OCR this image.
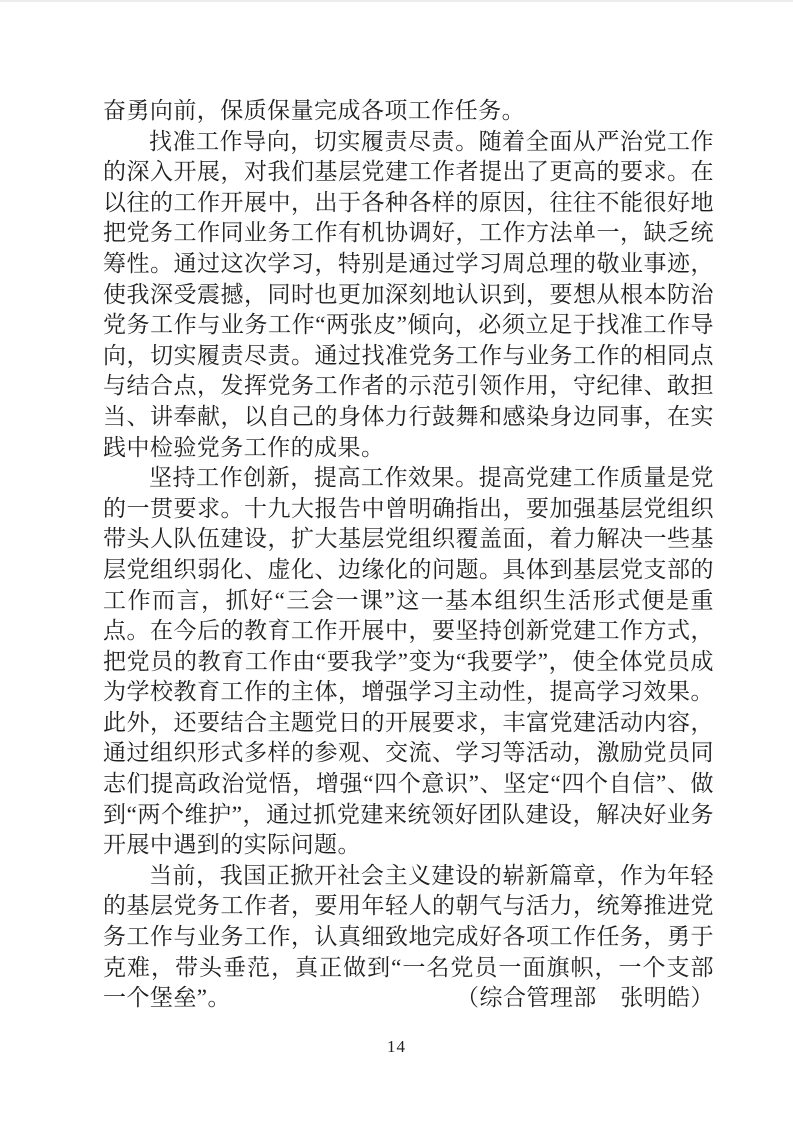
奋勇向前，保质保量完成各项工作任务。

找准工作导向，切实履责尽责。随着全面从严治党工作的深入开展，对我们基层党建工作者提出了更高的要求。在以往的工作开展中，出于各种各样的原因，往往不能很好地把党务工作同业务工作有机协调好，工作方法单一，缺乏统筹性。通过这次学习，特别是通过学习周总理的敬业事迹，使我深受震撼，同时也更加深刻地认识到，要想从根本防治党务工作与业务工作“两张皮”倾向，必须立足于找准工作导向，切实履责尽责。通过找准党务工作与业务工作的相同点与结合点，发挥党务工作者的示范引领作用，守纪律、敢担当、讲奉献，以自己的身体力行鼓舞和感染身边同事，在实践中检验党务工作的成果。

坚持工作创新，提高工作效果。提高党建工作质量是党的一贯要求。十九大报告中曾明确指出，要加强基层党组织带头人队伍建设，扩大基层党组织覆盖面，着力解决一些基层党组织弱化、虚化、边缘化的问题。具体到基层党支部的工作而言，抓好“三会一课”这一基本组织生活形式便是重点。在今后的教育工作开展中，要坚持创新党建工作方式，把党员的教育工作由“要我学”变为“我要学”，使全体党员成为学校教育工作的主体，增强学习主动性，提高学习效果。此外，还要结合主题党日的开展要求，丰富党建活动内容，通过组织形式多样的参观、交流、学习等活动，激励党员同志们提高政治觉悟，增强“四个意识”、坚定“四个自信”、做到“两个维护”，通过抓党建来统领好团队建设，解决好业务开展中遇到的实际问题。

当前，我国正掀开社会主义建设的崭新篇章，作为年轻的基层党务工作者，要用年轻人的朝气与活力，统筹推进党务工作与业务工作，认真细致地完成好各项工作任务，勇于克难，带头垂范，真正做到“一名党员一面旗帜，一个支部一个堡垒”。	（综合管理部　张明皓）

14
